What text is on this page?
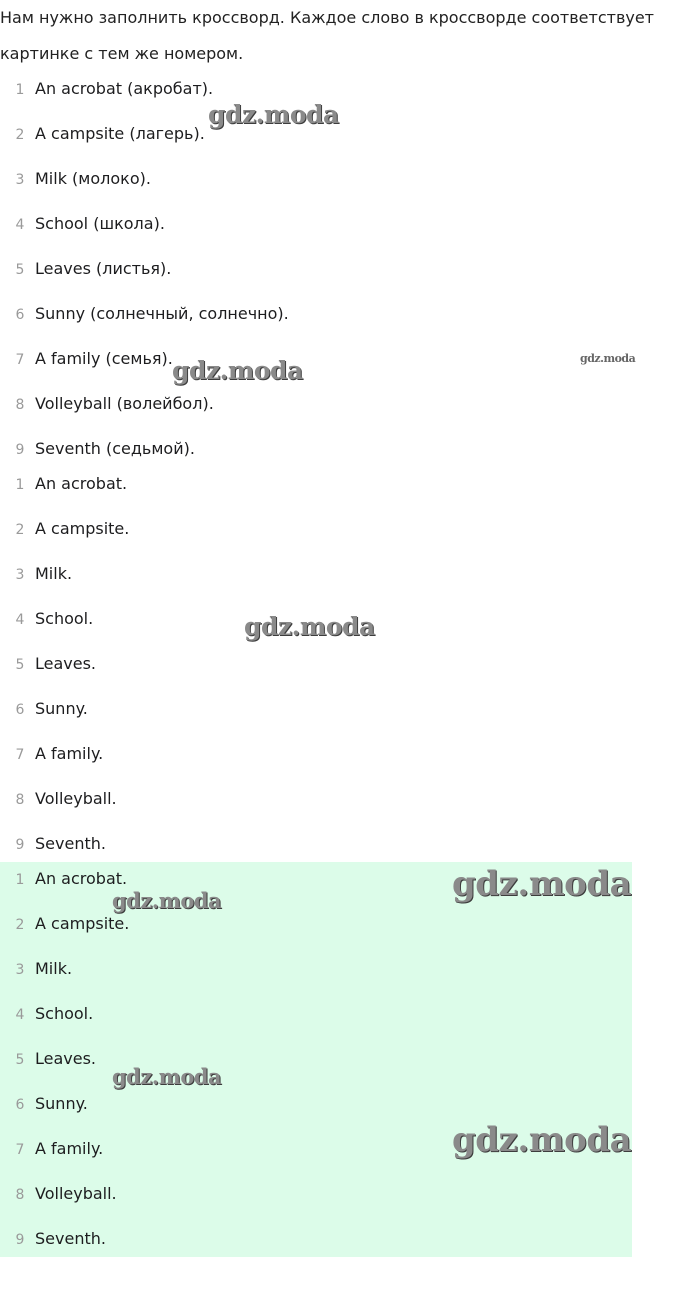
Нам нужно заполнить кроссворд. Каждое слово в кроссворде соответствует

картинке с тем же номером.

1 An acrobat (акробат).
2 A campsite (лагерь).
3 Milk (молоко).
4 School (школа).
5 Leaves (листья).
6 Sunny (солнечный, солнечно).
7 A family (семья).
8 Volleyball (волейбол).
9 Seventh (седьмой).
1 An acrobat.
2 A campsite.
3 Milk.
4 School.
5 Leaves.
6 Sunny.
7 A family.
8 Volleyball.
9 Seventh.
1 An acrobat.
2 A campsite.
3 Milk.
4 School.
5 Leaves.
6 Sunny.
7 A family.
8 Volleyball.
9 Seventh.
gdz.moda
gdz.moda	gdz.moda
gdz.moda
gdz.moda
gdz.moda
gdz.moda
gdz.moda
